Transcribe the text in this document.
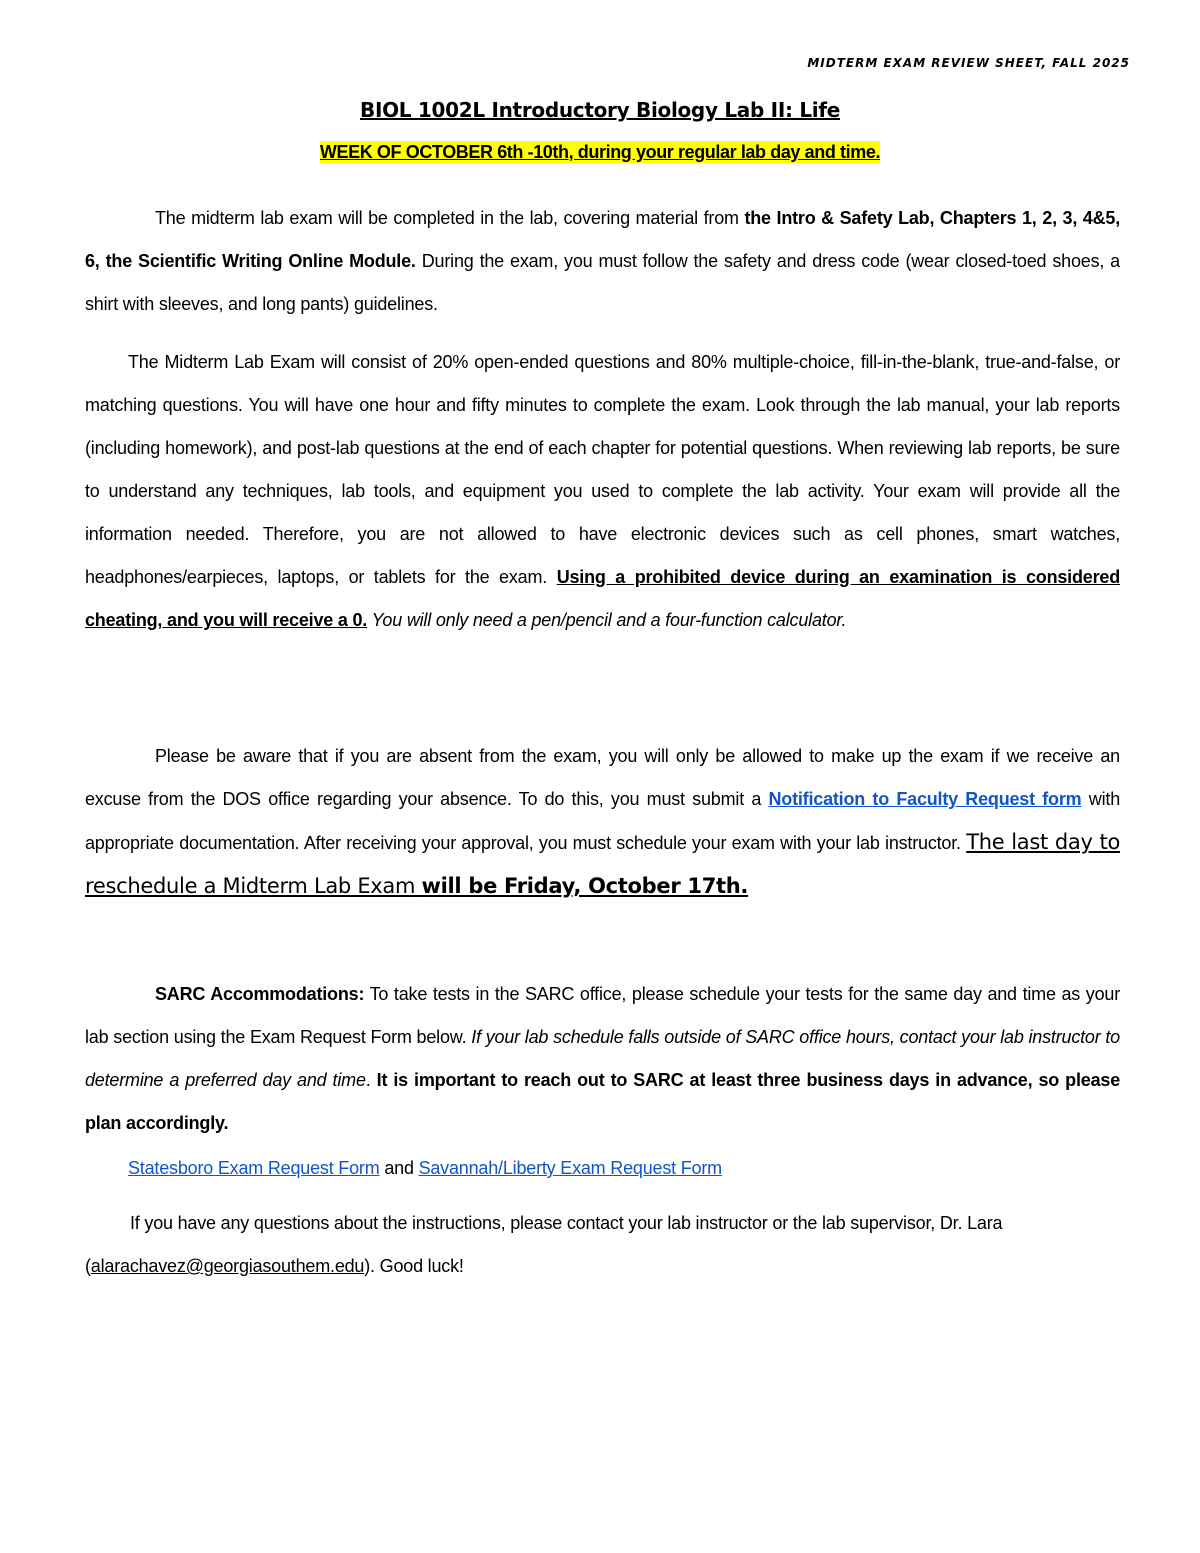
MIDTERM EXAM REVIEW SHEET, FALL 2025
BIOL 1002L Introductory Biology Lab II: Life
WEEK OF OCTOBER 6th -10th, during your regular lab day and time.
The midterm lab exam will be completed in the lab, covering material from the Intro & Safety Lab, Chapters 1, 2, 3, 4&5, 6, the Scientific Writing Online Module. During the exam, you must follow the safety and dress code (wear closed-toed shoes, a shirt with sleeves, and long pants) guidelines.
The Midterm Lab Exam will consist of 20% open-ended questions and 80% multiple-choice, fill-in-the-blank, true-and-false, or matching questions. You will have one hour and fifty minutes to complete the exam. Look through the lab manual, your lab reports (including homework), and post-lab questions at the end of each chapter for potential questions. When reviewing lab reports, be sure to understand any techniques, lab tools, and equipment you used to complete the lab activity. Your exam will provide all the information needed. Therefore, you are not allowed to have electronic devices such as cell phones, smart watches, headphones/earpieces, laptops, or tablets for the exam. Using a prohibited device during an examination is considered cheating, and you will receive a 0. You will only need a pen/pencil and a four-function calculator.
Please be aware that if you are absent from the exam, you will only be allowed to make up the exam if we receive an excuse from the DOS office regarding your absence. To do this, you must submit a Notification to Faculty Request form with appropriate documentation. After receiving your approval, you must schedule your exam with your lab instructor. The last day to reschedule a Midterm Lab Exam will be Friday, October 17th.
SARC Accommodations: To take tests in the SARC office, please schedule your tests for the same day and time as your lab section using the Exam Request Form below. If your lab schedule falls outside of SARC office hours, contact your lab instructor to determine a preferred day and time. It is important to reach out to SARC at least three business days in advance, so please plan accordingly.
Statesboro Exam Request Form and Savannah/Liberty Exam Request Form
If you have any questions about the instructions, please contact your lab instructor or the lab supervisor, Dr. Lara (alarachavez@georgiasouthem.edu). Good luck!
